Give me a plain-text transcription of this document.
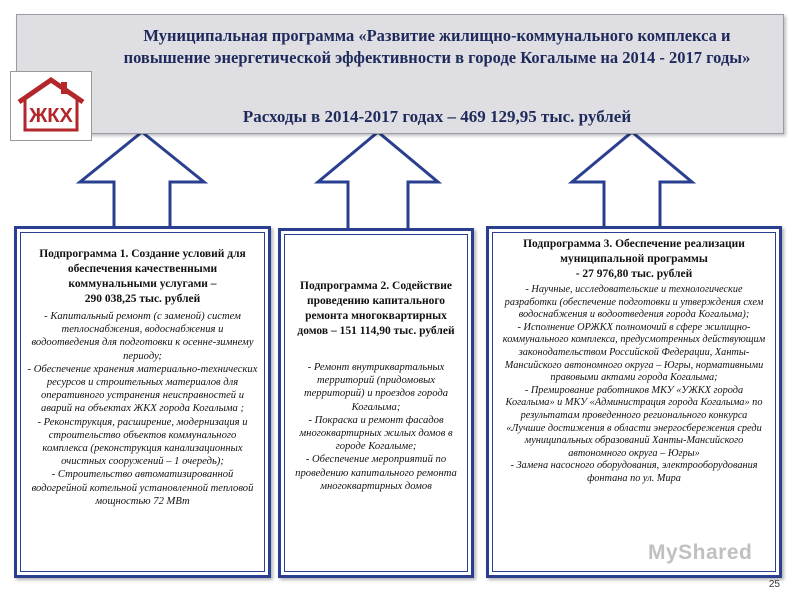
Муниципальная программа «Развитие жилищно-коммунального комплекса и повышение энергетической эффективности в городе Когалыме на 2014 - 2017 годы»
Расходы в 2014-2017 годах – 469 129,95 тыс. рублей
ЖКХ
Подпрограмма 1. Создание условий для обеспечения качественными коммунальными услугами –
290 038,25 тыс. рублей
- Капитальный ремонт (с заменой) систем теплоснабжения, водоснабжения и водоотведения для подготовки к осенне-зимнему периоду;
- Обеспечение хранения материально-технических ресурсов и строительных материалов для оперативного устранения неисправностей и аварий на объектах ЖКХ города Когалыма ;
- Реконструкция, расширение, модернизация и строительство объектов коммунального комплекса (реконструкция канализационных очистных сооружений – 1 очередь);
- Строительство автоматизированной водогрейной котельной установленной тепловой мощностью 72 МВт
Подпрограмма 2. Содействие проведению капитального ремонта многоквартирных домов – 151 114,90 тыс. рублей
- Ремонт внутриквартальных территорий (придомовых территорий) и проездов города Когалыма;
- Покраска и ремонт фасадов многоквартирных жилых домов в городе Когалыме;
- Обеспечение мероприятий по проведению капитального ремонта многоквартирных домов
Подпрограмма 3. Обеспечение реализации муниципальной программы
- 27 976,80 тыс. рублей
- Научные, исследовательские и технологические разработки (обеспечение подготовки и утверждения схем водоснабжения и водоотведения города Когалыма);
- Исполнение ОРЖКХ полномочий в сфере жилищно-коммунального комплекса, предусмотренных действующим законодательством Российской Федерации, Ханты-Мансийского автономного округа – Югры, нормативными правовыми актами города Когалыма;
- Премирование работников МКУ «УЖКХ города Когалыма» и МКУ «Администрация города Когалыма» по результатам проведенного регионального конкурса «Лучшие достижения в области энергосбережения среди муниципальных образований Ханты-Мансийского автономного округа – Югры»
- Замена насосного оборудования, электрооборудования фонтана по ул. Мира
MyShared
25
